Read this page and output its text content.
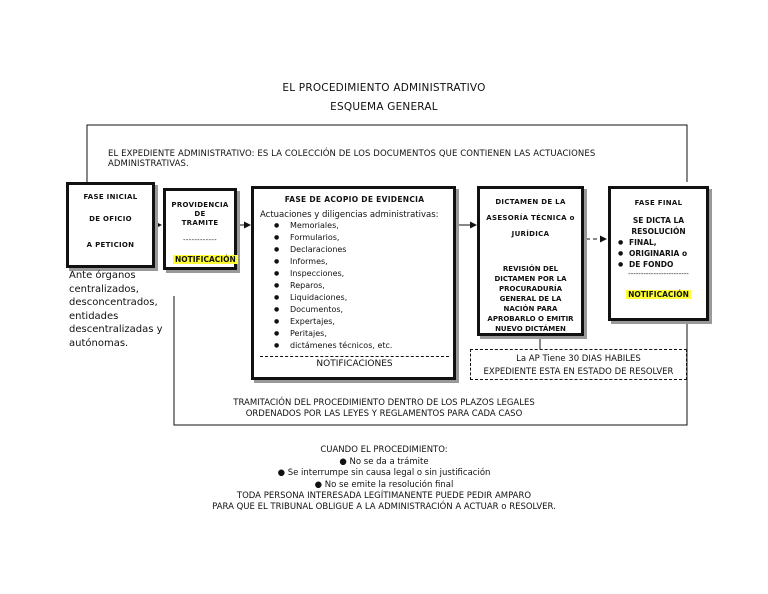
EL PROCEDIMIENTO ADMINISTRATIVO
ESQUEMA GENERAL
EL EXPEDIENTE ADMINISTRATIVO: ES LA COLECCIÓN DE LOS DOCUMENTOS QUE CONTIENEN LAS ACTUACIONES ADMINISTRATIVAS.
FASE INICIAL
DE OFICIO
A PETICION
Ante órganos centralizados, desconcentrados, entidades descentralizadas y autónomas.
PROVIDENCIA
DE
TRAMITE
------------
NOTIFICACIÓN
FASE DE ACOPIO DE EVIDENCIA
Actuaciones y diligencias administrativas:
● Memoriales,
● Formularios,
● Declaraciones
● Informes,
● Inspecciones,
● Reparos,
● Liquidaciones,
● Documentos,
● Expertajes,
● Peritajes,
● dictámenes técnicos, etc.
NOTIFICACIONES
DICTAMEN DE LA
ASESORÍA TÉCNICA o
JURÍDICA
REVISIÓN DEL DICTAMEN POR LA PROCURADURÍA GENERAL DE LA NACIÓN PARA APROBARLO O EMITIR NUEVO DICTÁMEN
FASE FINAL
SE DICTA LA RESOLUCIÓN
● FINAL,
● ORIGINARIA o
● DE FONDO
------------------------
NOTIFICACIÓN
La AP Tiene 30 DIAS HABILES
EXPEDIENTE ESTA EN ESTADO DE RESOLVER
TRAMITACIÓN DEL PROCEDIMIENTO DENTRO DE LOS PLAZOS LEGALES ORDENADOS POR LAS LEYES Y REGLAMENTOS PARA CADA CASO
CUANDO EL PROCEDIMIENTO:
● No se da a trámite
● Se interrumpe sin causa legal o sin justificación
● No se emite la resolución final
TODA PERSONA INTERESADA LEGÍTIMANENTE PUEDE PEDIR AMPARO
PARA QUE EL TRIBUNAL OBLIGUE A LA ADMINISTRACIÓN A ACTUAR o RESOLVER.
